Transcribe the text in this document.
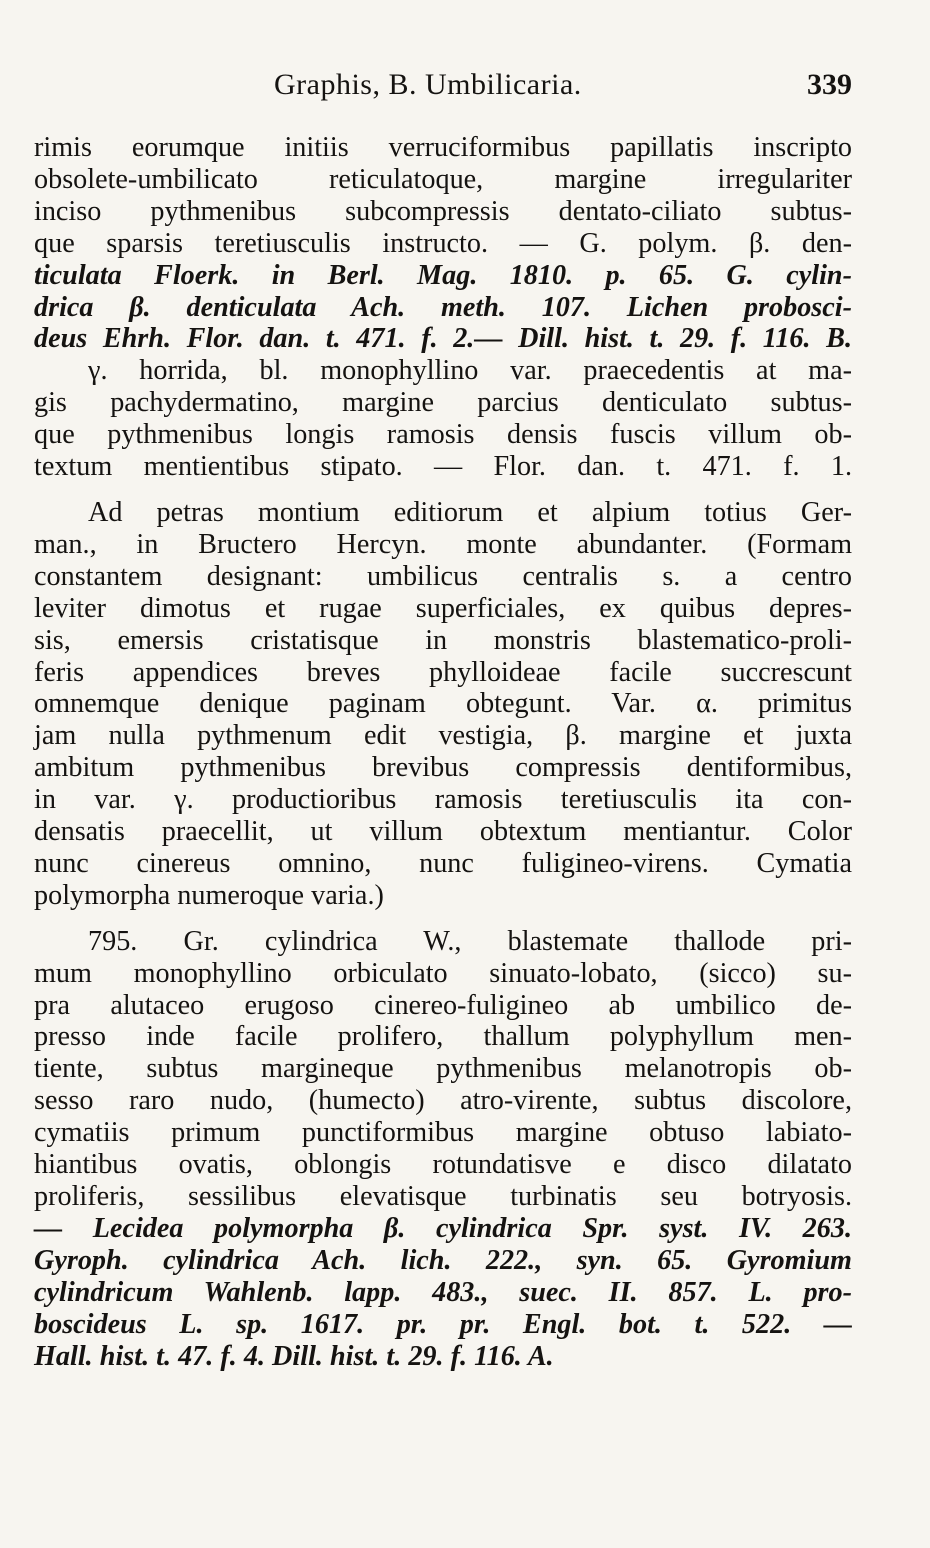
Graphis, B. Umbilicaria.	339
rimis eorumque initiis verruciformibus papillatis inscripto
obsolete-umbilicato reticulatoque, margine irregulariter
inciso pythmenibus subcompressis dentato-ciliato subtus-
que sparsis teretiusculis instructo. — G. polym. β. den-
ticulata Floerk. in Berl. Mag. 1810. p. 65. G. cylin-
drica β. denticulata Ach. meth. 107. Lichen probosci-
deus Ehrh. Flor. dan. t. 471. f. 2.— Dill. hist. t. 29. f. 116. B.
γ. horrida, bl. monophyllino var. praecedentis at ma-
gis pachydermatino, margine parcius denticulato subtus-
que pythmenibus longis ramosis densis fuscis villum ob-
textum mentientibus stipato. — Flor. dan. t. 471. f. 1.
Ad petras montium editiorum et alpium totius Ger-
man., in Bructero Hercyn. monte abundanter. (Formam
constantem designant: umbilicus centralis s. a centro
leviter dimotus et rugae superficiales, ex quibus depres-
sis, emersis cristatisque in monstris blastematico-proli-
feris appendices breves phylloideae facile succrescunt
omnemque denique paginam obtegunt. Var. α. primitus
jam nulla pythmenum edit vestigia, β. margine et juxta
ambitum pythmenibus brevibus compressis dentiformibus,
in var. γ. productioribus ramosis teretiusculis ita con-
densatis praecellit, ut villum obtextum mentiantur. Color
nunc cinereus omnino, nunc fuligineo-virens. Cymatia
polymorpha numeroque varia.)
795. Gr. cylindrica W., blastemate thallode pri-
mum monophyllino orbiculato sinuato-lobato, (sicco) su-
pra alutaceo erugoso cinereo-fuligineo ab umbilico de-
presso inde facile prolifero, thallum polyphyllum men-
tiente, subtus margineque pythmenibus melanotropis ob-
sesso raro nudo, (humecto) atro-virente, subtus discolore,
cymatiis primum punctiformibus margine obtuso labiato-
hiantibus ovatis, oblongis rotundatisve e disco dilatato
proliferis, sessilibus elevatisque turbinatis seu botryosis.
— Lecidea polymorpha β. cylindrica Spr. syst. IV. 263.
Gyroph. cylindrica Ach. lich. 222., syn. 65. Gyromium
cylindricum Wahlenb. lapp. 483., suec. II. 857. L. pro-
boscideus L. sp. 1617. pr. pr. Engl. bot. t. 522. —
Hall. hist. t. 47. f. 4. Dill. hist. t. 29. f. 116. A.
